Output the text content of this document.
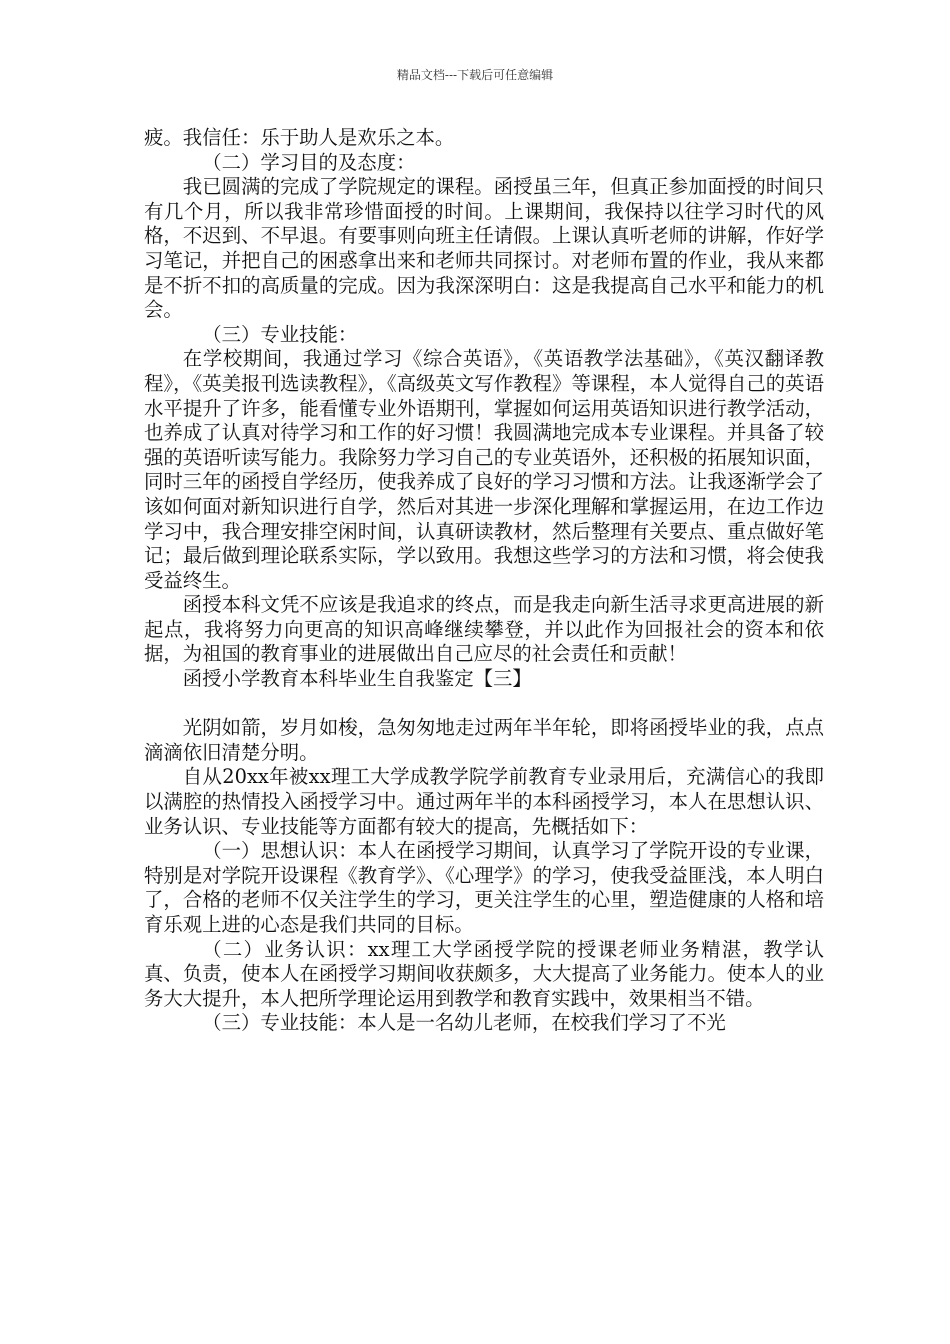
精品文档---下载后可任意编辑

疲。我信任：乐于助人是欢乐之本。

（二）学习目的及态度：

我已圆满的完成了学院规定的课程。函授虽三年，但真正参加面授的时间只有几个月，所以我非常珍惜面授的时间。上课期间，我保持以往学习时代的风格，不迟到、不早退。有要事则向班主任请假。上课认真听老师的讲解，作好学习笔记，并把自己的困惑拿出来和老师共同探讨。对老师布置的作业，我从来都是不折不扣的高质量的完成。因为我深深明白：这是我提高自己水平和能力的机会。

（三）专业技能：

在学校期间，我通过学习《综合英语》，《英语教学法基础》，《英汉翻译教程》，《英美报刊选读教程》，《高级英文写作教程》等课程，本人觉得自己的英语水平提升了许多，能看懂专业外语期刊，掌握如何运用英语知识进行教学活动，也养成了认真对待学习和工作的好习惯！我圆满地完成本专业课程。并具备了较强的英语听读写能力。我除努力学习自己的专业英语外，还积极的拓展知识面，同时三年的函授自学经历，使我养成了良好的学习习惯和方法。让我逐渐学会了该如何面对新知识进行自学，然后对其进一步深化理解和掌握运用，在边工作边学习中，我合理安排空闲时间，认真研读教材，然后整理有关要点、重点做好笔记；最后做到理论联系实际，学以致用。我想这些学习的方法和习惯，将会使我受益终生。

函授本科文凭不应该是我追求的终点，而是我走向新生活寻求更高进展的新起点，我将努力向更高的知识高峰继续攀登，并以此作为回报社会的资本和依据，为祖国的教育事业的进展做出自己应尽的社会责任和贡献！

函授小学教育本科毕业生自我鉴定【三】

光阴如箭，岁月如梭，急匆匆地走过两年半年轮，即将函授毕业的我，点点滴滴依旧清楚分明。

自从20xx年被xx理工大学成教学院学前教育专业录用后，充满信心的我即以满腔的热情投入函授学习中。通过两年半的本科函授学习，本人在思想认识、业务认识、专业技能等方面都有较大的提高，先概括如下：

（一）思想认识：本人在函授学习期间，认真学习了学院开设的专业课，特别是对学院开设课程《教育学》、《心理学》的学习，使我受益匪浅，本人明白了，合格的老师不仅关注学生的学习，更关注学生的心里，塑造健康的人格和培育乐观上进的心态是我们共同的目标。

（二）业务认识：xx理工大学函授学院的授课老师业务精湛，教学认真、负责，使本人在函授学习期间收获颇多，大大提高了业务能力。使本人的业务大大提升，本人把所学理论运用到教学和教育实践中，效果相当不错。

（三）专业技能：本人是一名幼儿老师，在校我们学习了不光
